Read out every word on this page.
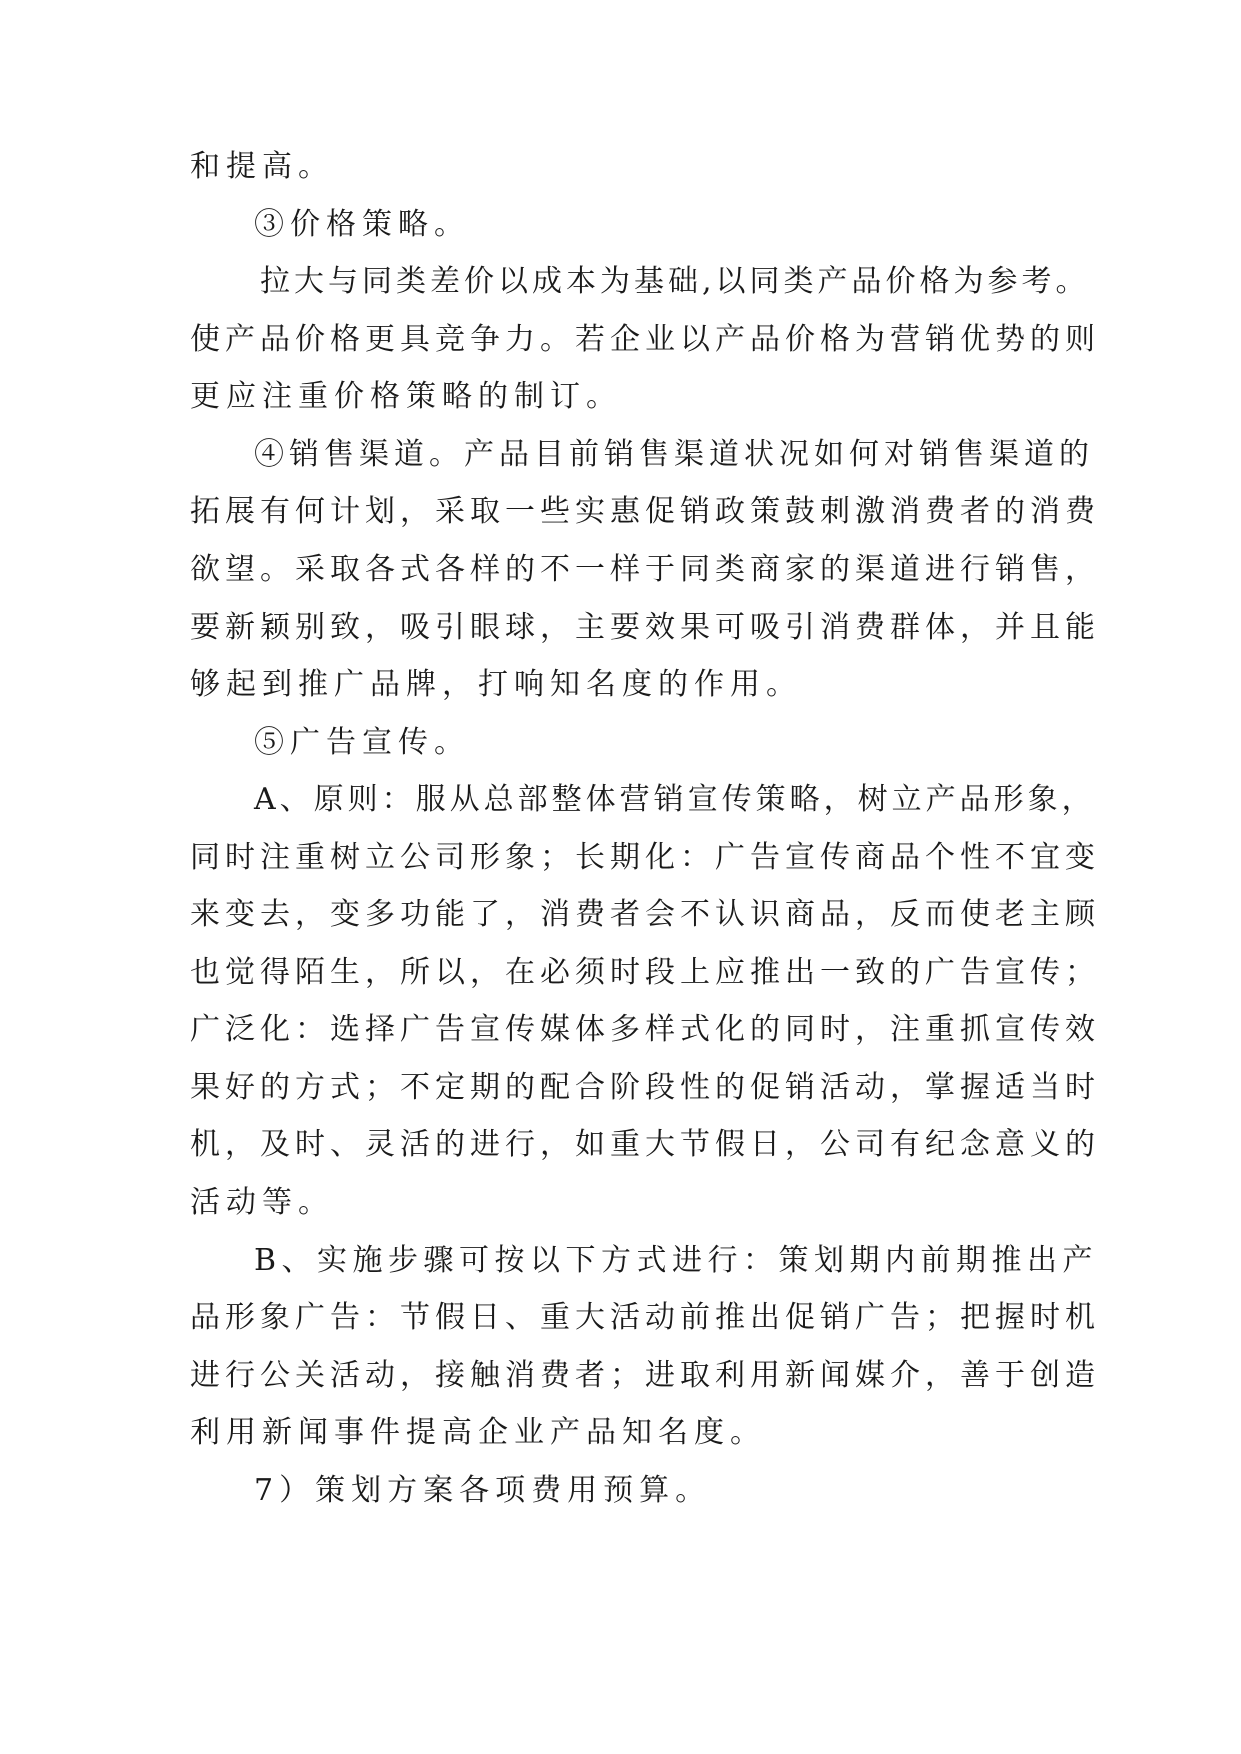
和提高。
③价格策略。
拉大与同类差价以成本为基础,以同类产品价格为参考。
使产品价格更具竞争力。若企业以产品价格为营销优势的则
更应注重价格策略的制订。
④销售渠道。产品目前销售渠道状况如何对销售渠道的
拓展有何计划，采取一些实惠促销政策鼓刺激消费者的消费
欲望。采取各式各样的不一样于同类商家的渠道进行销售，
要新颖别致，吸引眼球，主要效果可吸引消费群体，并且能
够起到推广品牌，打响知名度的作用。
⑤广告宣传。
A、原则：服从总部整体营销宣传策略，树立产品形象，
同时注重树立公司形象；长期化：广告宣传商品个性不宜变
来变去，变多功能了，消费者会不认识商品，反而使老主顾
也觉得陌生，所以，在必须时段上应推出一致的广告宣传；
广泛化：选择广告宣传媒体多样式化的同时，注重抓宣传效
果好的方式；不定期的配合阶段性的促销活动，掌握适当时
机，及时、灵活的进行，如重大节假日，公司有纪念意义的
活动等。
B、实施步骤可按以下方式进行：策划期内前期推出产
品形象广告：节假日、重大活动前推出促销广告；把握时机
进行公关活动，接触消费者；进取利用新闻媒介，善于创造
利用新闻事件提高企业产品知名度。
7）策划方案各项费用预算。
